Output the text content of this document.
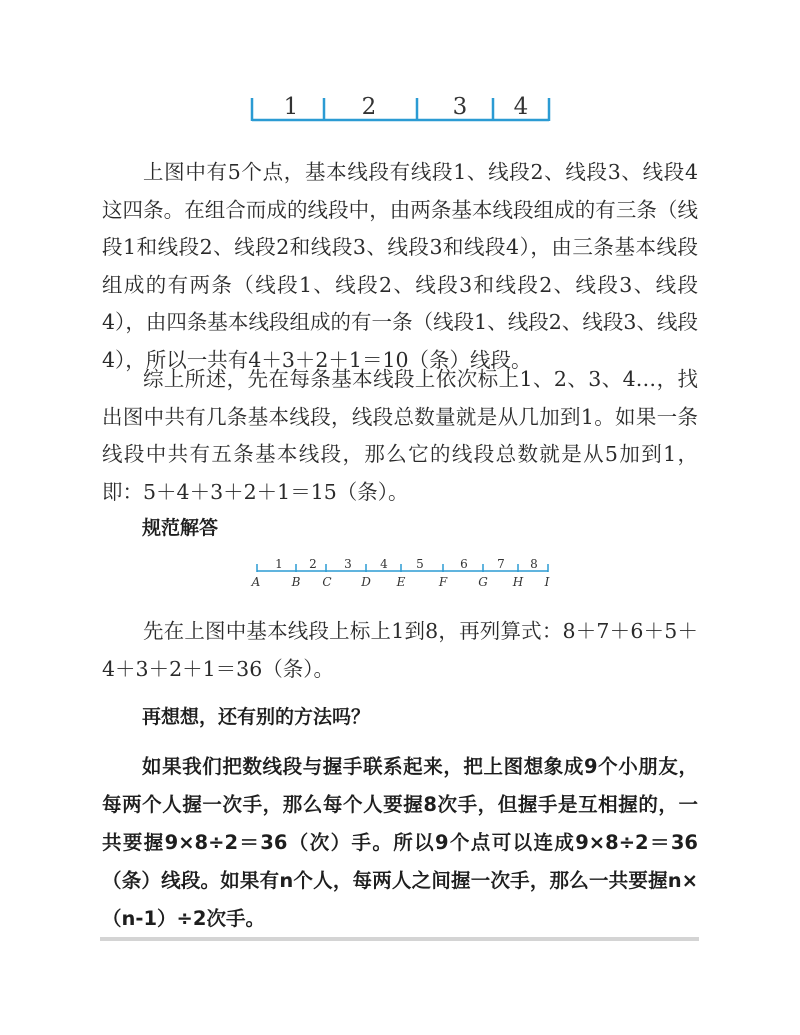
1	2	3 4

上图中有5个点，基本线段有线段1、线段2、线段3、线段4这四条。在组合而成的线段中，由两条基本线段组成的有三条（线段1和线段2、线段2和线段3、线段3和线段4），由三条基本线段组成的有两条（线段1、线段2、线段3和线段2、线段3、线段4），由四条基本线段组成的有一条（线段1、线段2、线段3、线段4），所以一共有4＋3＋2＋1＝10（条）线段。

综上所述，先在每条基本线段上依次标上1、2、3、4…，找出图中共有几条基本线段，线段总数量就是从几加到1。如果一条线段中共有五条基本线段，那么它的线段总数就是从5加到1，即：5＋4＋3＋2＋1＝15（条）。

规范解答

1 2 3 4 5	6 7 8
A	B C D E	F	G H I

先在上图中基本线段上标上1到8，再列算式：8＋7＋6＋5＋4＋3＋2＋1＝36（条）。

再想想，还有别的方法吗？

如果我们把数线段与握手联系起来，把上图想象成9个小朋友，每两个人握一次手，那么每个人要握8次手，但握手是互相握的，一共要握9×8÷2＝36（次）手。所以9个点可以连成9×8÷2＝36（条）线段。如果有n个人，每两人之间握一次手，那么一共要握n×（n-1）÷2次手。
